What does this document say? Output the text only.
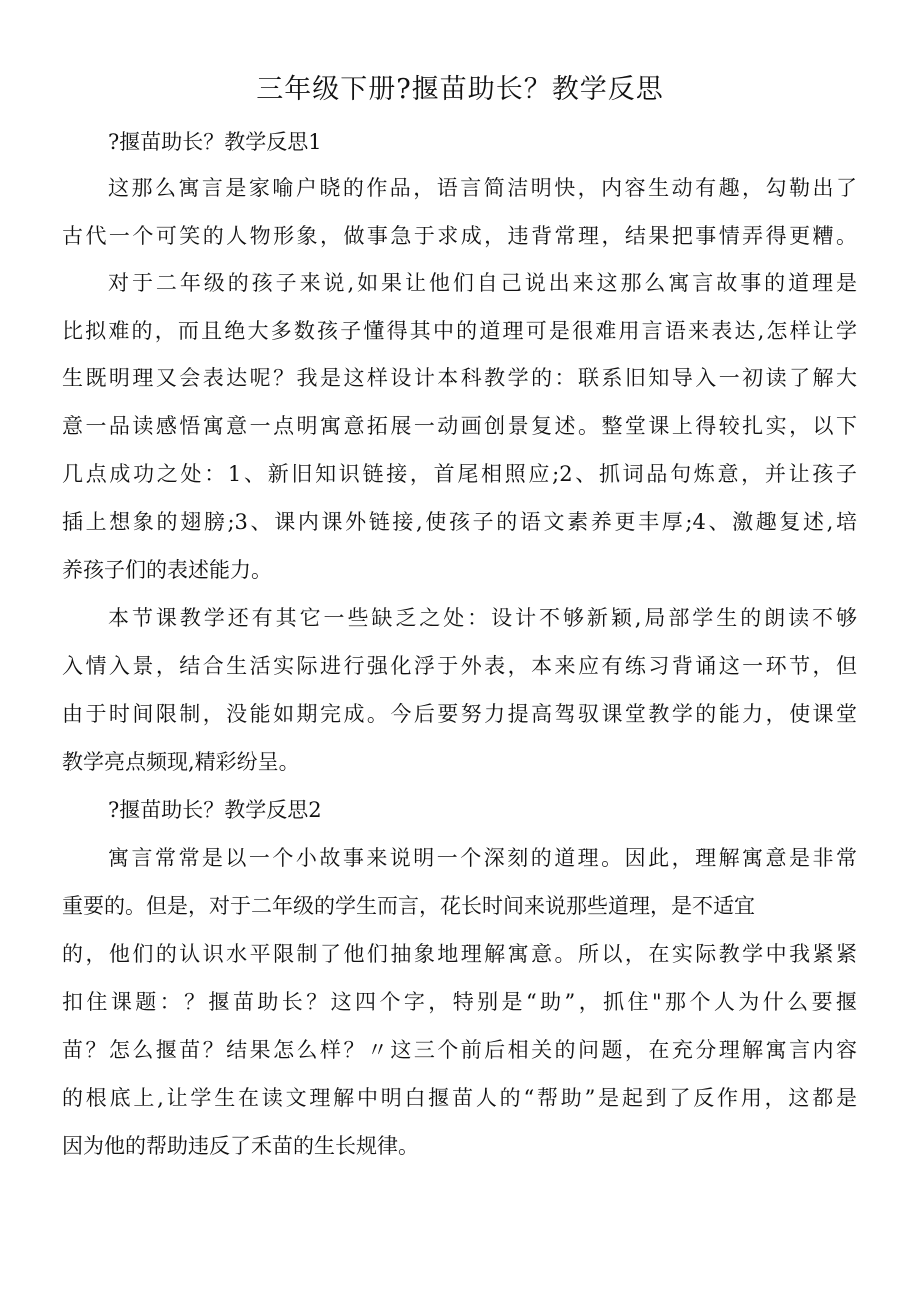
三年级下册?揠苗助长？教学反思

?揠苗助长？教学反思1

这那么寓言是家喻户晓的作品，语言简洁明快，内容生动有趣，勾勒出了

古代一个可笑的人物形象，做事急于求成，违背常理，结果把事情弄得更糟。

对于二年级的孩子来说,如果让他们自己说出来这那么寓言故事的道理是

比拟难的，而且绝大多数孩子懂得其中的道理可是很难用言语来表达,怎样让学

生既明理又会表达呢？我是这样设计本科教学的：联系旧知导入一初读了解大

意一品读感悟寓意一点明寓意拓展一动画创景复述。整堂课上得较扎实，以下

几点成功之处：1、新旧知识链接，首尾相照应;2、抓词品句炼意，并让孩子

插上想象的翅膀;3、课内课外链接,使孩子的语文素养更丰厚;4、激趣复述,培

养孩子们的表述能力。

本节课教学还有其它一些缺乏之处：设计不够新颖,局部学生的朗读不够

入情入景，结合生活实际进行强化浮于外表，本来应有练习背诵这一环节，但

由于时间限制，没能如期完成。今后要努力提高驾驭课堂教学的能力，使课堂

教学亮点频现,精彩纷呈。

?揠苗助长？教学反思2

寓言常常是以一个小故事来说明一个深刻的道理。因此，理解寓意是非常

重要的。但是，对于二年级的学生而言，花长时间来说那些道理，是不适宜

的，他们的认识水平限制了他们抽象地理解寓意。所以，在实际教学中我紧紧

扣住课题：？揠苗助长？这四个字，特别是“助”，抓住"那个人为什么要揠

苗？怎么揠苗？结果怎么样？〃这三个前后相关的问题，在充分理解寓言内容

的根底上,让学生在读文理解中明白揠苗人的“帮助”是起到了反作用，这都是

因为他的帮助违反了禾苗的生长规律。
